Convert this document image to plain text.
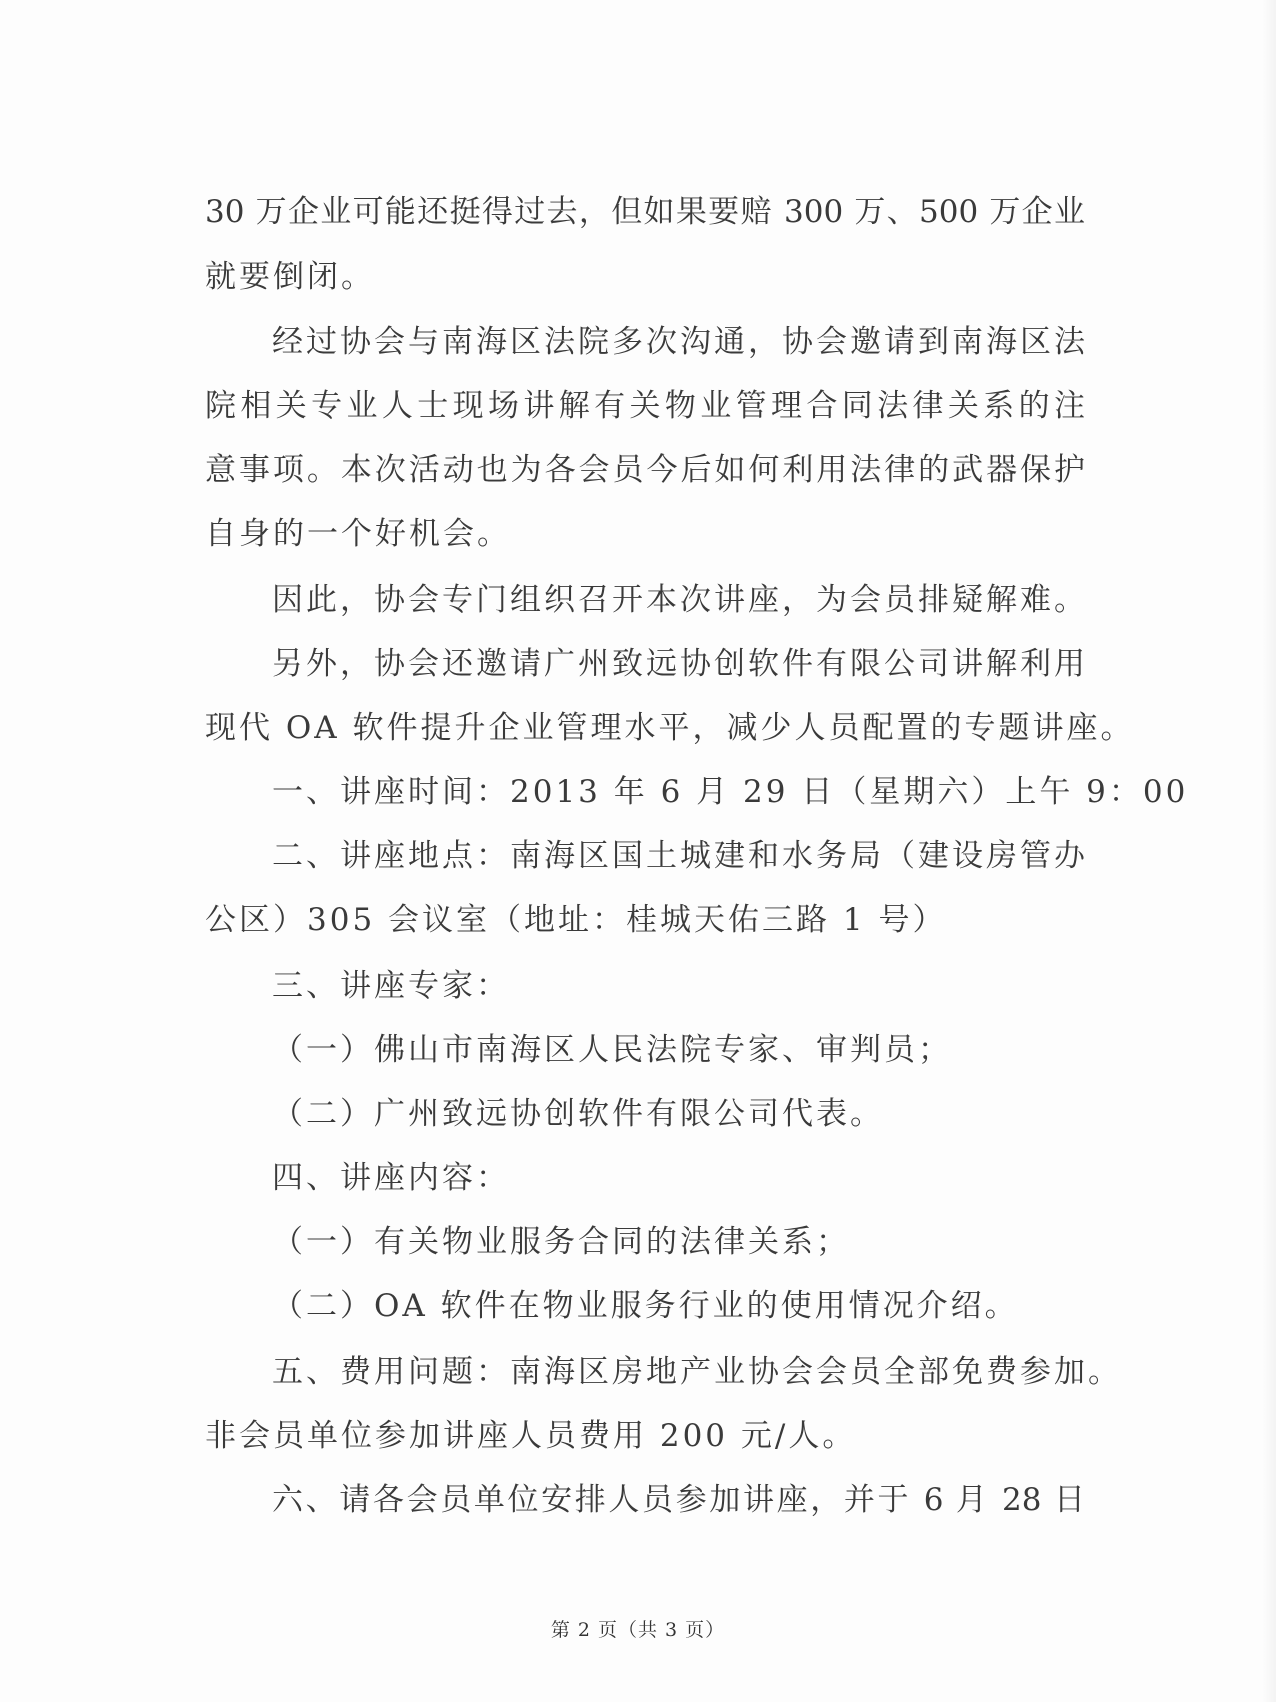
30 万企业可能还挺得过去，但如果要赔 300 万、500 万企业
就要倒闭。
经过协会与南海区法院多次沟通，协会邀请到南海区法
院相关专业人士现场讲解有关物业管理合同法律关系的注
意事项。本次活动也为各会员今后如何利用法律的武器保护
自身的一个好机会。
因此，协会专门组织召开本次讲座，为会员排疑解难。
另外，协会还邀请广州致远协创软件有限公司讲解利用
现代 OA 软件提升企业管理水平，减少人员配置的专题讲座。
一、讲座时间：2013 年 6 月 29 日（星期六）上午 9：00
二、讲座地点：南海区国土城建和水务局（建设房管办
公区）305 会议室（地址：桂城天佑三路 1 号）
三、讲座专家：
（一）佛山市南海区人民法院专家、审判员；
（二）广州致远协创软件有限公司代表。
四、讲座内容：
（一）有关物业服务合同的法律关系；
（二）OA 软件在物业服务行业的使用情况介绍。
五、费用问题：南海区房地产业协会会员全部免费参加。
非会员单位参加讲座人员费用 200 元/人。
六、请各会员单位安排人员参加讲座，并于 6 月 28 日
第 2 页（共 3 页）
